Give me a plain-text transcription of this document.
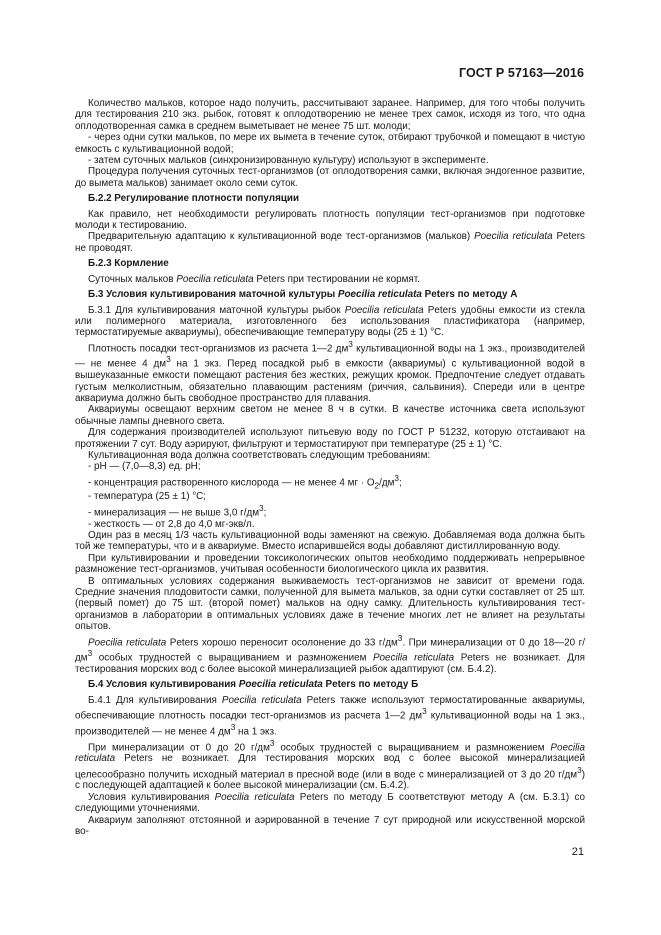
ГОСТ Р 57163—2016

Количество мальков, которое надо получить, рассчитывают заранее. Например, для того чтобы получить для тестирования 210 экз. рыбок, готовят к оплодотворению не менее трех самок, исходя из того, что одна оплодотворенная самка в среднем выметывает не менее 75 шт. молоди;

- через одни сутки мальков, по мере их вымета в течение суток, отбирают трубочкой и помещают в чистую емкость с культивационной водой;

- затем суточных мальков (синхронизированную культуру) используют в эксперименте.

Процедура получения суточных тест-организмов (от оплодотворения самки, включая эндогенное развитие, до вымета мальков) занимает около семи суток.

Б.2.2 Регулирование плотности популяции

Как правило, нет необходимости регулировать плотность популяции тест-организмов при подготовке молоди к тестированию.

Предварительную адаптацию к культивационной воде тест-организмов (мальков) Poecilia reticulata Peters не проводят.

Б.2.3 Кормление

Суточных мальков Poecilia reticulata Peters при тестировании не кормят.

Б.3 Условия культивирования маточной культуры Poecilia reticulata Peters по методу А

Б.3.1 Для культивирования маточной культуры рыбок Poecilia reticulata Peters удобны емкости из стекла или полимерного материала, изготовленного без использования пластификатора (например, термостатируемые аквариумы), обеспечивающие температуру воды (25 ± 1) °С.

Плотность посадки тест-организмов из расчета 1—2 $дм^3$ культивационной воды на 1 экз., производителей — не менее 4 $дм^3$ на 1 экз. Перед посадкой рыб в емкости (аквариумы) с культивационной водой в вышеуказанные емкости помещают растения без жестких, режущих кромок. Предпочтение следует отдавать густым мелколистным, обязательно плавающим растениям (риччия, сальвиния). Спереди или в центре аквариума должно быть свободное пространство для плавания.

Аквариумы освещают верхним светом не менее 8 ч в сутки. В качестве источника света используют обычные лампы дневного света.

Для содержания производителей используют питьевую воду по ГОСТ Р 51232, которую отстаивают на протяжении 7 сут. Воду аэрируют, фильтруют и термостатируют при температуре (25 ± 1) °С.

Культивационная вода должна соответствовать следующим требованиям:

- pH — (7,0—8,3) ед. pH;

- концентрация растворенного кислорода — не менее 4 мг · $O_2/дм^3$;

- температура (25 ± 1) °С;

- минерализация — не выше 3,0 $г/дм^3$;

- жесткость — от 2,8 до 4,0 мг-экв/л.

Один раз в месяц 1/3 часть культивационной воды заменяют на свежую. Добавляемая вода должна быть той же температуры, что и в аквариуме. Вместо испарившейся воды добавляют дистиллированную воду.

При культивировании и проведении токсикологических опытов необходимо поддерживать непрерывное размножение тест-организмов, учитывая особенности биологического цикла их развития.

В оптимальных условиях содержания выживаемость тест-организмов не зависит от времени года. Средние значения плодовитости самки, полученной для вымета мальков, за одни сутки составляет от 25 шт. (первый помет) до 75 шт. (второй помет) мальков на одну самку. Длительность культивирования тест-организмов в лаборатории в оптимальных условиях даже в течение многих лет не влияет на результаты опытов.

Poecilia reticulata Peters хорошо переносит осолонение до 33 $г/дм^3$. При минерализации от 0 до 18—20 $г/дм^3$ особых трудностей с выращиванием и размножением Poecilia reticulata Peters не возникает. Для тестирования морских вод с более высокой минерализацией рыбок адаптируют (см. Б.4.2).

Б.4 Условия культивирования Poecilia reticulata Peters по методу Б

Б.4.1 Для культивирования Poecilia reticulata Peters также используют термостатированные аквариумы, обеспечивающие плотность посадки тест-организмов из расчета 1—2 $дм^3$ культивационной воды на 1 экз., производителей — не менее 4 $дм^3$ на 1 экз.

При минерализации от 0 до 20 $г/дм^3$ особых трудностей с выращиванием и размножением Poecilia reticulata Peters не возникает. Для тестирования морских вод с более высокой минерализацией целесообразно получить исходный материал в пресной воде (или в воде с минерализацией от 3 до 20 $г/дм^3$) с последующей адаптацией к более высокой минерализации (см. Б.4.2).

Условия культивирования Poecilia reticulata Peters по методу Б соответствуют методу А (см. Б.3.1) со следующими уточнениями.

Аквариум заполняют отстоянной и аэрированной в течение 7 сут природной или искусственной морской во-

21
